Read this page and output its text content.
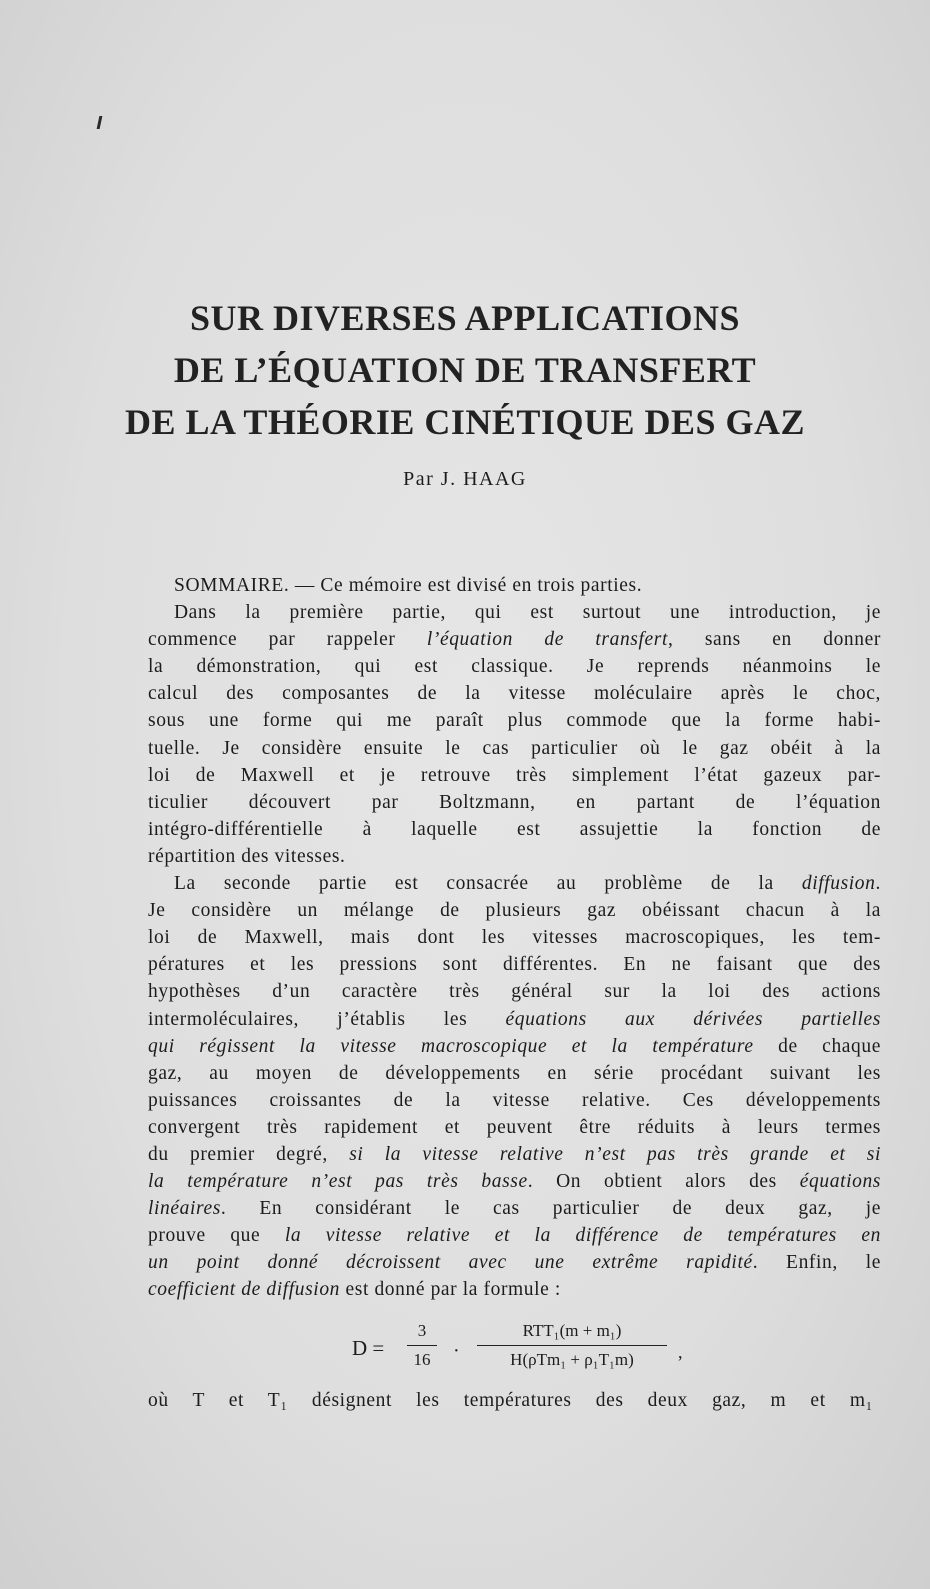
SUR DIVERSES APPLICATIONS
DE L’ÉQUATION DE TRANSFERT
DE LA THÉORIE CINÉTIQUE DES GAZ
Par J. HAAG
SOMMAIRE. — Ce mémoire est divisé en trois parties.
Dans la première partie, qui est surtout une introduction, je
commence par rappeler l’équation de transfert, sans en donner
la démonstration, qui est classique. Je reprends néanmoins le
calcul des composantes de la vitesse moléculaire après le choc,
sous une forme qui me paraît plus commode que la forme habi-
tuelle. Je considère ensuite le cas particulier où le gaz obéit à la
loi de Maxwell et je retrouve très simplement l’état gazeux par-
ticulier découvert par Boltzmann, en partant de l’équation
intégro-différentielle à laquelle est assujettie la fonction de
répartition des vitesses.
La seconde partie est consacrée au problème de la diffusion.
Je considère un mélange de plusieurs gaz obéissant chacun à la
loi de Maxwell, mais dont les vitesses macroscopiques, les tem-
pératures et les pressions sont différentes. En ne faisant que des
hypothèses d’un caractère très général sur la loi des actions
intermoléculaires, j’établis les équations aux dérivées partielles
qui régissent la vitesse macroscopique et la température de chaque
gaz, au moyen de développements en série procédant suivant les
puissances croissantes de la vitesse relative. Ces développements
convergent très rapidement et peuvent être réduits à leurs termes
du premier degré, si la vitesse relative n’est pas très grande et si
la température n’est pas très basse. On obtient alors des équations
linéaires. En considérant le cas particulier de deux gaz, je
prouve que la vitesse relative et la différence de températures en
un point donné décroissent avec une extrême rapidité. Enfin, le
coefficient de diffusion est donné par la formule :
D =
3
16	·
RTT₁(m + m₁)
H(ρTm₁ + ρ₁T₁m)	,
où T et T₁ désignent les températures des deux gaz, m et m₁
